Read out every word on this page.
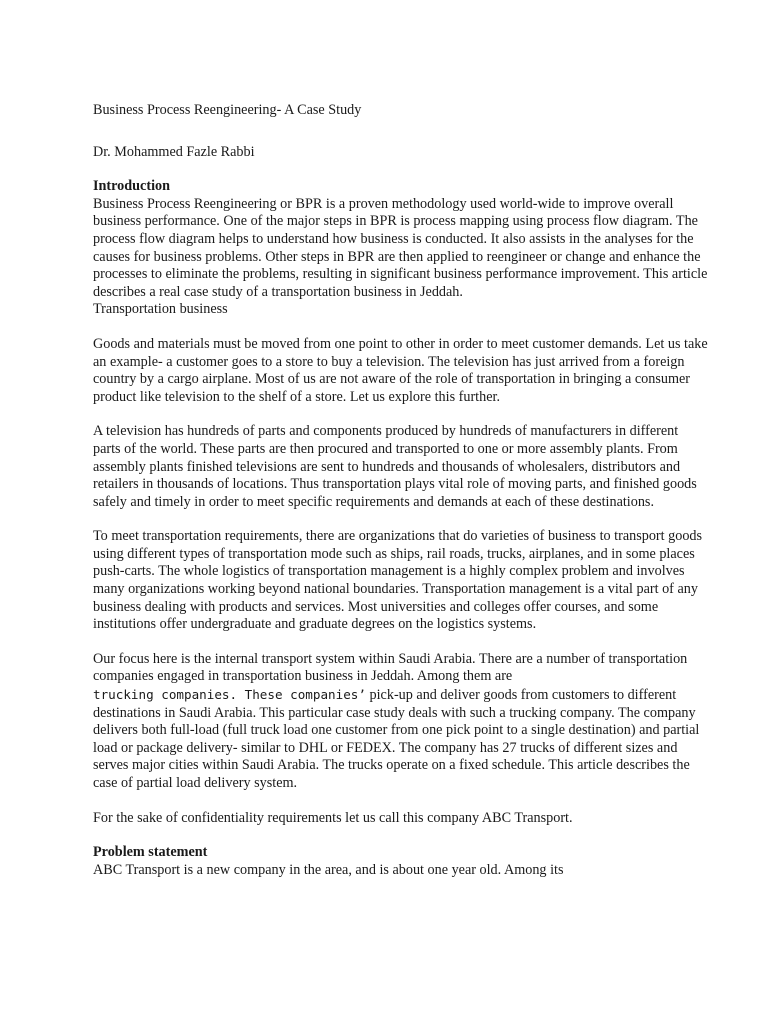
Business Process Reengineering- A Case Study

Dr. Mohammed Fazle Rabbi

Introduction

Business Process Reengineering or BPR is a proven methodology used world-wide to improve overall business performance. One of the major steps in BPR is process mapping using process flow diagram. The process flow diagram helps to understand how business is conducted. It also assists in the analyses for the causes for business problems. Other steps in BPR are then applied to reengineer or change and enhance the processes to eliminate the problems, resulting in significant business performance improvement. This article describes a real case study of a transportation business in Jeddah.

Transportation business

Goods and materials must be moved from one point to other in order to meet customer demands. Let us take an example- a customer goes to a store to buy a television. The television has just arrived from a foreign country by a cargo airplane. Most of us are not aware of the role of transportation in bringing a consumer product like television to the shelf of a store. Let us explore this further.

A television has hundreds of parts and components produced by hundreds of manufacturers in different parts of the world. These parts are then procured and transported to one or more assembly plants. From assembly plants finished televisions are sent to hundreds and thousands of wholesalers, distributors and retailers in thousands of locations. Thus transportation plays vital role of moving parts, and finished goods safely and timely in order to meet specific requirements and demands at each of these destinations.

To meet transportation requirements, there are organizations that do varieties of business to transport goods using different types of transportation mode such as ships, rail roads, trucks, airplanes, and in some places push-carts. The whole logistics of transportation management is a highly complex problem and involves many organizations working beyond national boundaries. Transportation management is a vital part of any business dealing with products and services. Most universities and colleges offer courses, and some institutions offer undergraduate and graduate degrees on the logistics systems.

Our focus here is the internal transport system within Saudi Arabia. There are a number of transportation companies engaged in transportation business in Jeddah. Among them are
trucking companies. These companies’ pick-up and deliver goods from customers to different destinations in Saudi Arabia. This particular case study deals with such a trucking company. The company delivers both full-load (full truck load one customer from one pick point to a single destination) and partial load or package delivery- similar to DHL or FEDEX. The company has 27 trucks of different sizes and serves major cities within Saudi Arabia. The trucks operate on a fixed schedule. This article describes the case of partial load delivery system.

For the sake of confidentiality requirements let us call this company ABC Transport.

Problem statement

ABC Transport is a new company in the area, and is about one year old. Among its
